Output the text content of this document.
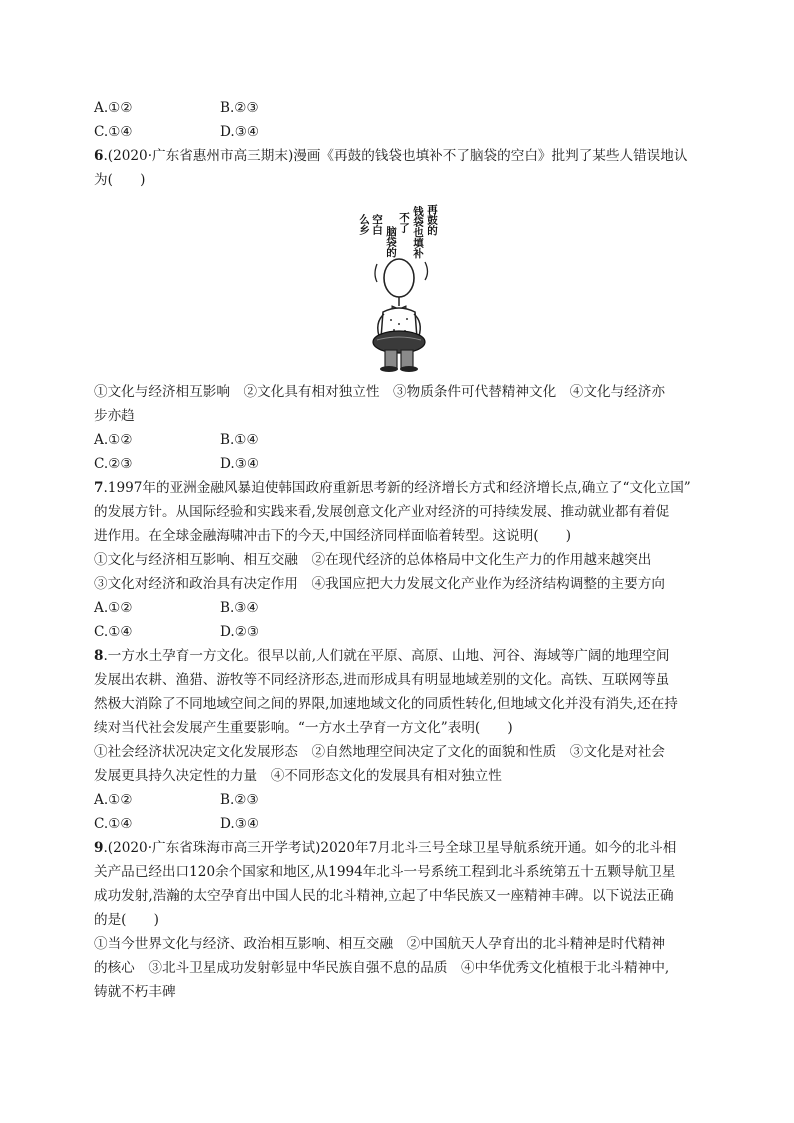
A.①②	B.②③
C.①④	D.③④
6.(2020·广东省惠州市高三期末)漫画《再鼓的钱袋也填补不了脑袋的空白》批判了某些人错误地认
为(　　)
再鼓的
钱袋也填补
不了
脑袋的
空白
么乡
①文化与经济相互影响　②文化具有相对独立性　③物质条件可代替精神文化　④文化与经济亦
步亦趋
A.①②	B.①④
C.②③	D.③④
7.1997年的亚洲金融风暴迫使韩国政府重新思考新的经济增长方式和经济增长点,确立了“文化立国”
的发展方针。从国际经验和实践来看,发展创意文化产业对经济的可持续发展、推动就业都有着促
进作用。在全球金融海啸冲击下的今天,中国经济同样面临着转型。这说明(　　)
①文化与经济相互影响、相互交融　②在现代经济的总体格局中文化生产力的作用越来越突出
③文化对经济和政治具有决定作用　④我国应把大力发展文化产业作为经济结构调整的主要方向
A.①②	B.③④
C.①④	D.②③
8.一方水土孕育一方文化。很早以前,人们就在平原、高原、山地、河谷、海域等广阔的地理空间
发展出农耕、渔猎、游牧等不同经济形态,进而形成具有明显地域差别的文化。高铁、互联网等虽
然极大消除了不同地域空间之间的界限,加速地域文化的同质性转化,但地域文化并没有消失,还在持
续对当代社会发展产生重要影响。“一方水土孕育一方文化”表明(　　)
①社会经济状况决定文化发展形态　②自然地理空间决定了文化的面貌和性质　③文化是对社会
发展更具持久决定性的力量　④不同形态文化的发展具有相对独立性
A.①②	B.②③
C.①④	D.③④
9.(2020·广东省珠海市高三开学考试)2020年7月北斗三号全球卫星导航系统开通。如今的北斗相
关产品已经出口120余个国家和地区,从1994年北斗一号系统工程到北斗系统第五十五颗导航卫星
成功发射,浩瀚的太空孕育出中国人民的北斗精神,立起了中华民族又一座精神丰碑。以下说法正确
的是(　　)
①当今世界文化与经济、政治相互影响、相互交融　②中国航天人孕育出的北斗精神是时代精神
的核心　③北斗卫星成功发射彰显中华民族自强不息的品质　④中华优秀文化植根于北斗精神中,
铸就不朽丰碑
